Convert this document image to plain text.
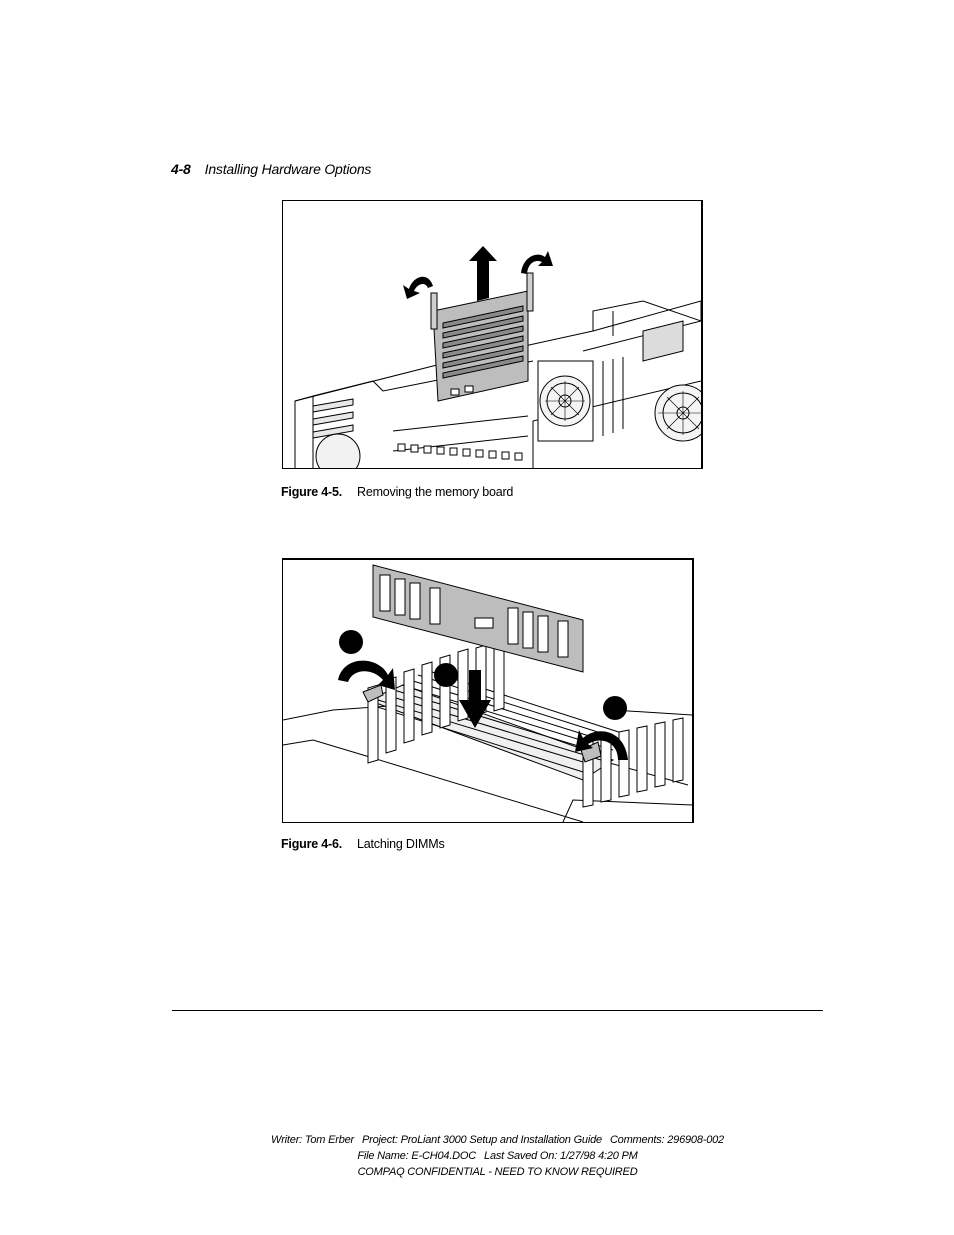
4-8 Installing Hardware Options
Figure 4-5. Removing the memory board
Figure 4-6. Latching DIMMs
Writer: Tom Erber Project: ProLiant 3000 Setup and Installation Guide Comments: 296908-002
File Name: E-CH04.DOC Last Saved On: 1/27/98 4:20 PM
COMPAQ CONFIDENTIAL - NEED TO KNOW REQUIRED
